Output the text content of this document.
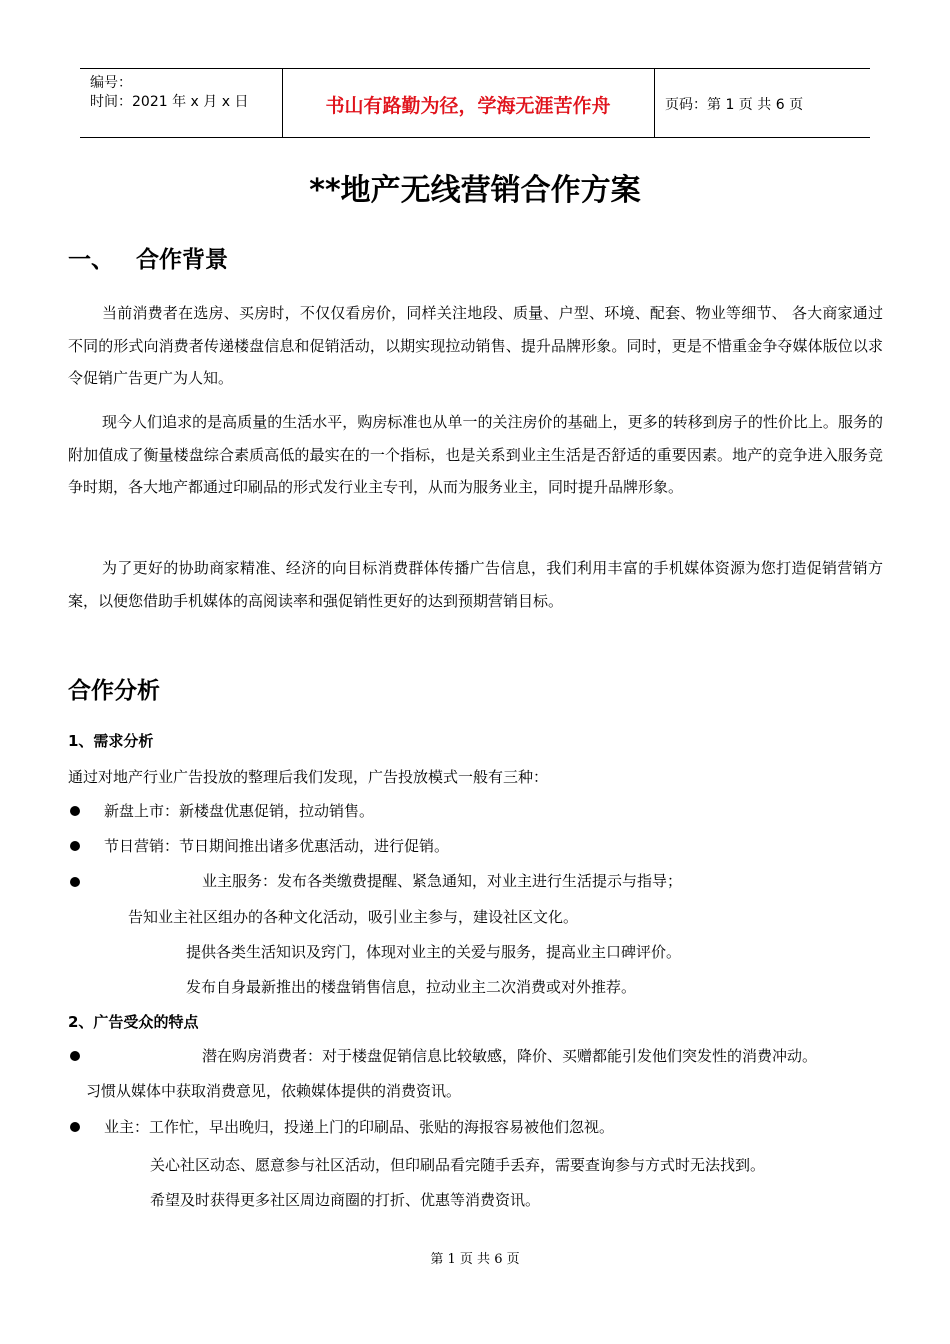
编号：
时间：2021 年 x 月 x 日	书山有路勤为径，学海无涯苦作舟	页码：第 1 页 共 6 页
**地产无线营销合作方案
一、 合作背景
当前消费者在选房、买房时，不仅仅看房价，同样关注地段、质量、户型、环境、配套、物业等细节、 各大商家通过不同的形式向消费者传递楼盘信息和促销活动，以期实现拉动销售、提升品牌形象。同时，更是不惜重金争夺媒体版位以求令促销广告更广为人知。
现今人们追求的是高质量的生活水平，购房标准也从单一的关注房价的基础上，更多的转移到房子的性价比上。服务的附加值成了衡量楼盘综合素质高低的最实在的一个指标，也是关系到业主生活是否舒适的重要因素。地产的竞争进入服务竞争时期，各大地产都通过印刷品的形式发行业主专刊，从而为服务业主，同时提升品牌形象。
为了更好的协助商家精准、经济的向目标消费群体传播广告信息，我们利用丰富的手机媒体资源为您打造促销营销方案，以便您借助手机媒体的高阅读率和强促销性更好的达到预期营销目标。
合作分析
1、需求分析
通过对地产行业广告投放的整理后我们发现，广告投放模式一般有三种：
新盘上市：新楼盘优惠促销，拉动销售。
节日营销：节日期间推出诸多优惠活动，进行促销。
业主服务：发布各类缴费提醒、紧急通知，对业主进行生活提示与指导；
告知业主社区组办的各种文化活动，吸引业主参与，建设社区文化。
提供各类生活知识及窍门，体现对业主的关爱与服务，提高业主口碑评价。
发布自身最新推出的楼盘销售信息，拉动业主二次消费或对外推荐。
2、广告受众的特点
潜在购房消费者：对于楼盘促销信息比较敏感，降价、买赠都能引发他们突发性的消费冲动。
习惯从媒体中获取消费意见，依赖媒体提供的消费资讯。
业主：工作忙，早出晚归，投递上门的印刷品、张贴的海报容易被他们忽视。
关心社区动态、愿意参与社区活动，但印刷品看完随手丢弃，需要查询参与方式时无法找到。
希望及时获得更多社区周边商圈的打折、优惠等消费资讯。
第 1 页 共 6 页
